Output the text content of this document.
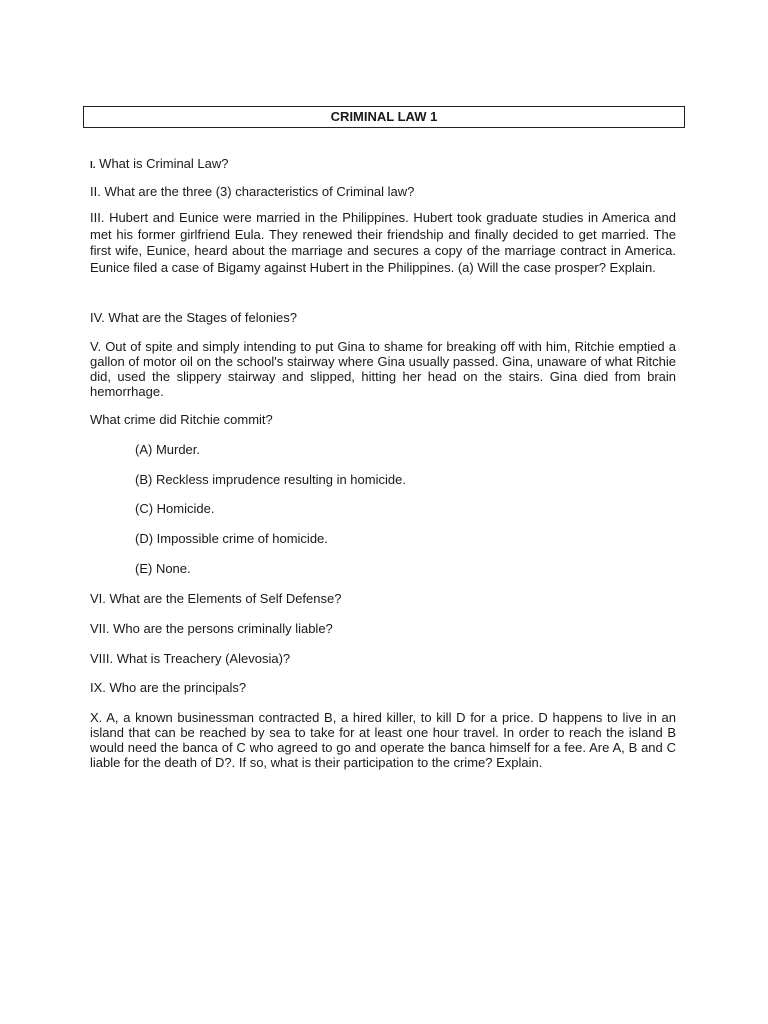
CRIMINAL LAW 1

I. What is Criminal Law?

II. What are the three (3) characteristics of Criminal law?

III. Hubert and Eunice were married in the Philippines. Hubert took graduate studies in America and met his former girlfriend Eula. They renewed their friendship and finally decided to get married. The first wife, Eunice, heard about the marriage and secures a copy of the marriage contract in America. Eunice filed a case of Bigamy against Hubert in the Philippines. (a) Will the case prosper? Explain.

IV. What are the Stages of felonies?

V. Out of spite and simply intending to put Gina to shame for breaking off with him, Ritchie emptied a gallon of motor oil on the school's stairway where Gina usually passed. Gina, unaware of what Ritchie did, used the slippery stairway and slipped, hitting her head on the stairs. Gina died from brain hemorrhage.

What crime did Ritchie commit?

(A) Murder.

(B) Reckless imprudence resulting in homicide.

(C) Homicide.

(D) Impossible crime of homicide.

(E) None.

VI. What are the Elements of Self Defense?

VII. Who are the persons criminally liable?

VIII. What is Treachery (Alevosia)?

IX. Who are the principals?

X. A, a known businessman contracted B, a hired killer, to kill D for a price. D happens to live in an island that can be reached by sea to take for at least one hour travel. In order to reach the island B would need the banca of C who agreed to go and operate the banca himself for a fee. Are A, B and C liable for the death of D?. If so, what is their participation to the crime? Explain.
